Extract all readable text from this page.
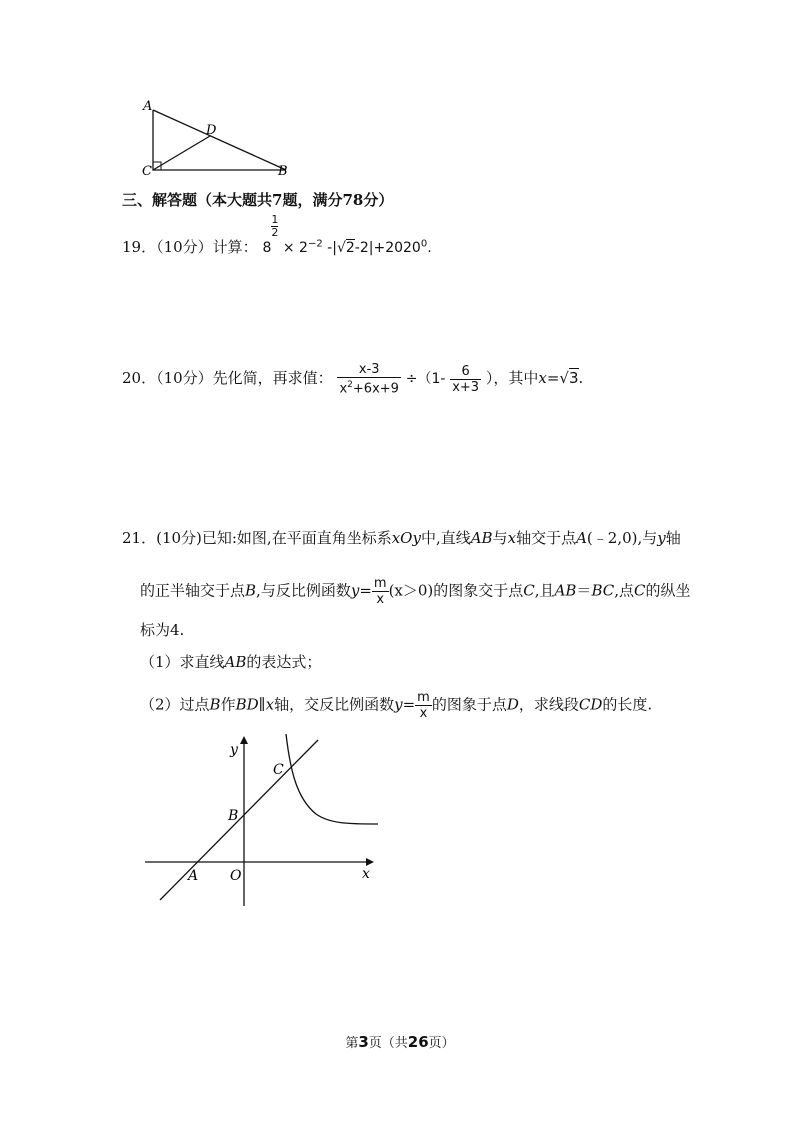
A
D
C	B
三、解答题（本大题共7题，满分78分）
19．（10分）计算： 8
$\frac{1}{2}$
× $2^{-2}$ $-|√2-2|+2020^0$.
20．（10分）先化简，再求值： $\frac{x-3}{x^2+6x+9} \div(1- \frac{6}{x+3}$ ），其中x=√3.
21．(10分)已知:如图,在平面直角坐标系xOy中,直线AB与x轴交于点A(﹣2,0),与y轴
的正半轴交于点B,与反比例函数$y= \frac{m}{x} (x>0)$的图象交于点C,且AB＝BC,点C的纵坐
标为4.
（1）求直线AB的表达式；
（2）过点B作BD∥x轴，交反比例函数$y= \frac{m}{x}$ 的图象于点D，求线段CD的长度.
y
x
C
B
A O
第3页（共26页）
